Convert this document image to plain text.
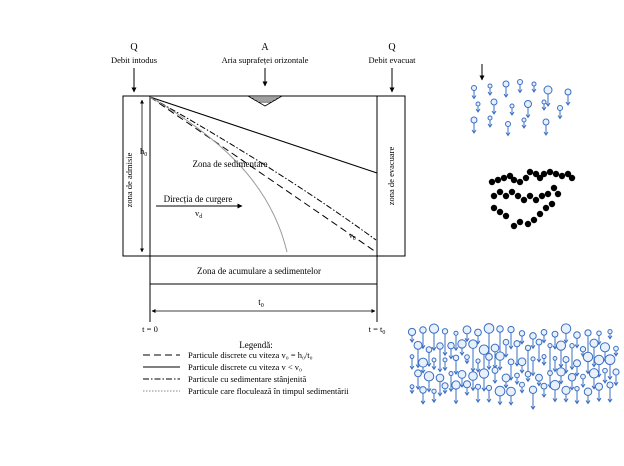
Q
Debit intodus
A
Aria suprafeței orizontale
Q
Debit evacuat
zona de admisie	zona de evacuare
$h_0$
Zona de sedimentare
Direcția de curgere
$v_d$
$v_0$
Zona de acumulare a sedimentelor
$t_0$
t = 0	$t = t_0$
Legendă:
Particule discrete cu viteza v₀ = h₀/t₀
Particule discrete cu viteza v < v₀
Particule cu sedimentare stânjenită
Particule care floculează în timpul sedimentării
